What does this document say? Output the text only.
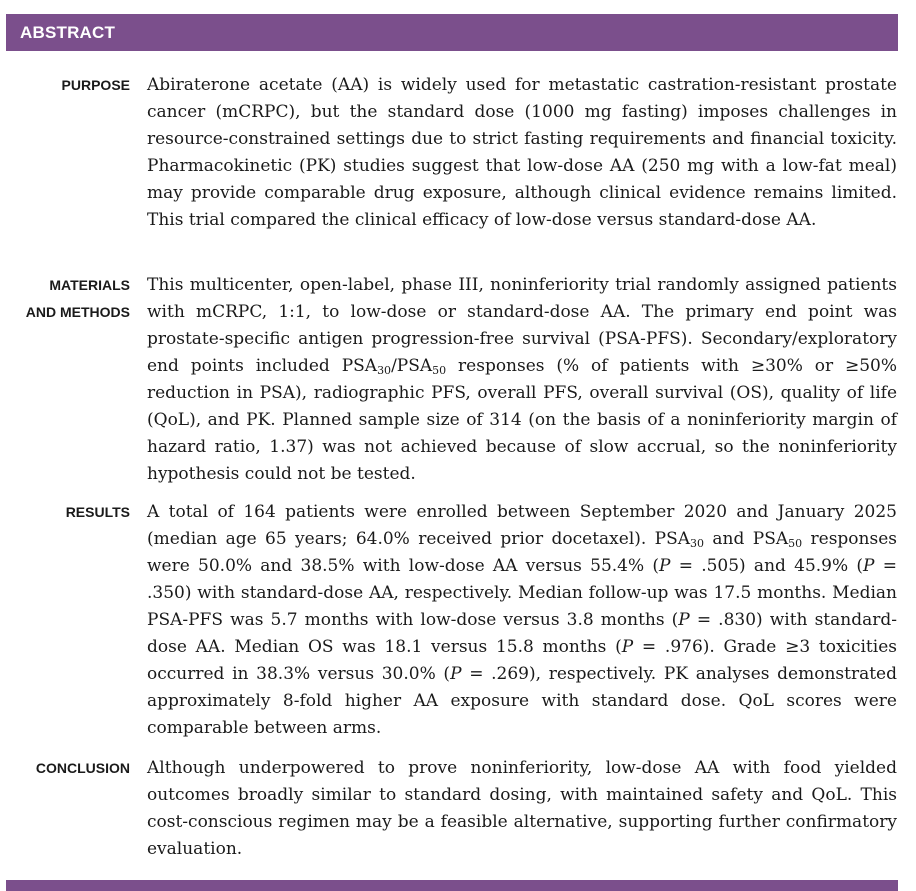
ABSTRACT
PURPOSE Abiraterone acetate (AA) is widely used for metastatic castration-resistant prostate cancer (mCRPC), but the standard dose (1000 mg fasting) imposes challenges in resource-constrained settings due to strict fasting requirements and financial toxicity. Pharmacokinetic (PK) studies suggest that low-dose AA (250 mg with a low-fat meal) may provide comparable drug exposure, although clinical evidence remains limited. This trial compared the clinical efficacy of low-dose versus standard-dose AA.
MATERIALS
AND METHODS
This multicenter, open-label, phase III, noninferiority trial randomly assigned patients with mCRPC, 1:1, to low-dose or standard-dose AA. The primary end point was prostate-specific antigen progression-free survival (PSA-PFS). Secondary/exploratory end points included $PSA_{30}/PSA_{50}$ responses (% of patients with ≥30% or ≥50% reduction in PSA), radiographic PFS, overall PFS, overall survival (OS), quality of life (QoL), and PK. Planned sample size of 314 (on the basis of a noninferiority margin of hazard ratio, 1.37) was not achieved because of slow accrual, so the noninferiority hypothesis could not be tested.
RESULTS A total of 164 patients were enrolled between September 2020 and January 2025 (median age 65 years; 64.0% received prior docetaxel). $PSA_{30}$ and $PSA_{50}$ responses were 50.0% and 38.5% with low-dose AA versus 55.4% (P = .505) and 45.9% (P = .350) with standard-dose AA, respectively. Median follow-up was 17.5 months. Median PSA-PFS was 5.7 months with low-dose versus 3.8 months (P = .830) with standard-dose AA. Median OS was 18.1 versus 15.8 months (P = .976). Grade ≥3 toxicities occurred in 38.3% versus 30.0% (P = .269), respectively. PK analyses demonstrated approximately 8-fold higher AA exposure with standard dose. QoL scores were comparable between arms.
CONCLUSION Although underpowered to prove noninferiority, low-dose AA with food yielded outcomes broadly similar to standard dosing, with maintained safety and QoL. This cost-conscious regimen may be a feasible alternative, supporting further confirmatory evaluation.
